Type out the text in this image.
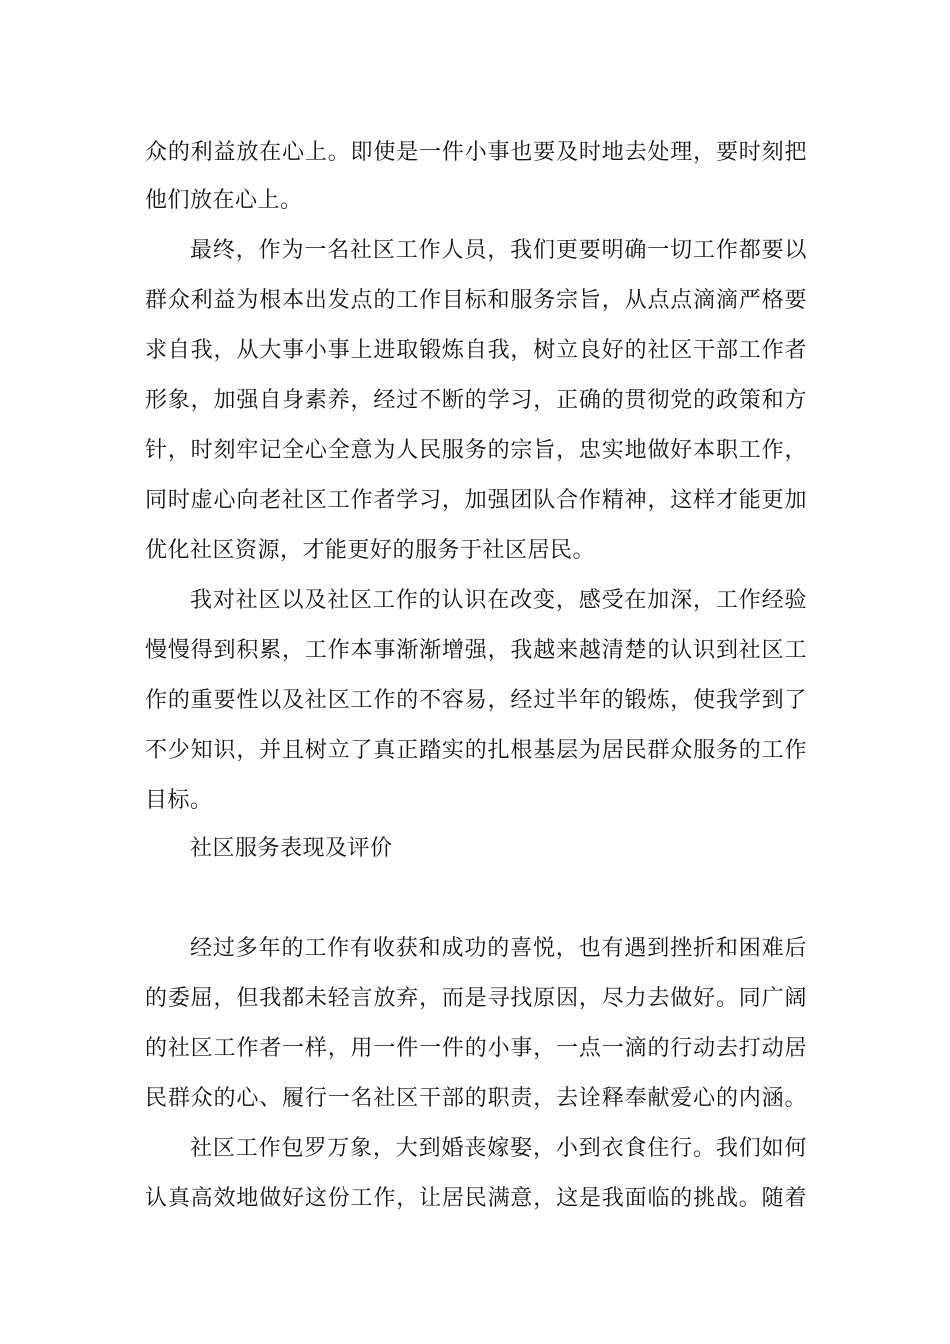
众的利益放在心上。即使是一件小事也要及时地去处理，要时刻把
他们放在心上。
最终，作为一名社区工作人员，我们更要明确一切工作都要以
群众利益为根本出发点的工作目标和服务宗旨，从点点滴滴严格要
求自我，从大事小事上进取锻炼自我，树立良好的社区干部工作者
形象，加强自身素养，经过不断的学习，正确的贯彻党的政策和方
针，时刻牢记全心全意为人民服务的宗旨，忠实地做好本职工作，
同时虚心向老社区工作者学习，加强团队合作精神，这样才能更加
优化社区资源，才能更好的服务于社区居民。
我对社区以及社区工作的认识在改变，感受在加深，工作经验
慢慢得到积累，工作本事渐渐增强，我越来越清楚的认识到社区工
作的重要性以及社区工作的不容易，经过半年的锻炼，使我学到了
不少知识，并且树立了真正踏实的扎根基层为居民群众服务的工作
目标。
社区服务表现及评价
经过多年的工作有收获和成功的喜悦，也有遇到挫折和困难后
的委屈，但我都未轻言放弃，而是寻找原因，尽力去做好。同广阔
的社区工作者一样，用一件一件的小事，一点一滴的行动去打动居
民群众的心、履行一名社区干部的职责，去诠释奉献爱心的内涵。
社区工作包罗万象，大到婚丧嫁娶，小到衣食住行。我们如何
认真高效地做好这份工作，让居民满意，这是我面临的挑战。随着
